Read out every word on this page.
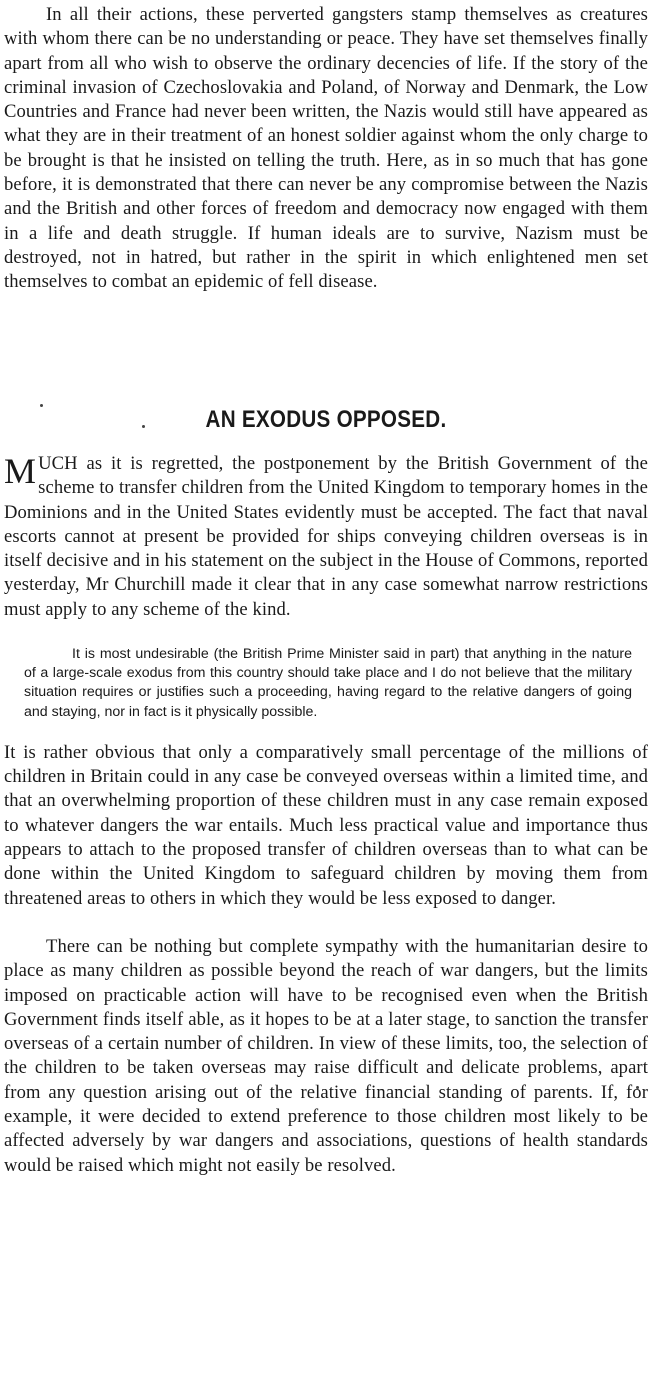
In all their actions, these perverted gangsters stamp themselves as creatures with whom there can be no understanding or peace. They have set themselves finally apart from all who wish to observe the ordinary decencies of life. If the story of the criminal invasion of Czechoslovakia and Poland, of Norway and Denmark, the Low Countries and France had never been written, the Nazis would still have appeared as what they are in their treatment of an honest soldier against whom the only charge to be brought is that he insisted on telling the truth. Here, as in so much that has gone before, it is demonstrated that there can never be any compromise between the Nazis and the British and other forces of freedom and democracy now engaged with them in a life and death struggle. If human ideals are to survive, Nazism must be destroyed, not in hatred, but rather in the spirit in which enlightened men set themselves to combat an epidemic of fell disease.

AN EXODUS OPPOSED.

MUCH as it is regretted, the postponement by the British Government of the scheme to transfer children from the United Kingdom to temporary homes in the Dominions and in the United States evidently must be accepted. The fact that naval escorts cannot at present be provided for ships conveying children overseas is in itself decisive and in his statement on the subject in the House of Commons, reported yesterday, Mr Churchill made it clear that in any case somewhat narrow restrictions must apply to any scheme of the kind.

It is most undesirable (the British Prime Minister said in part) that anything in the nature of a large-scale exodus from this country should take place and I do not believe that the military situation requires or justifies such a proceeding, having regard to the relative dangers of going and staying, nor in fact is it physically possible.

It is rather obvious that only a comparatively small percentage of the millions of children in Britain could in any case be conveyed overseas within a limited time, and that an overwhelming proportion of these children must in any case remain exposed to whatever dangers the war entails. Much less practical value and importance thus appears to attach to the proposed transfer of children overseas than to what can be done within the United Kingdom to safeguard children by moving them from threatened areas to others in which they would be less exposed to danger.

There can be nothing but complete sympathy with the humanitarian desire to place as many children as possible beyond the reach of war dangers, but the limits imposed on practicable action will have to be recognised even when the British Government finds itself able, as it hopes to be at a later stage, to sanction the transfer overseas of a certain number of children. In view of these limits, too, the selection of the children to be taken overseas may raise difficult and delicate problems, apart from any question arising out of the relative financial standing of parents. If, for example, it were decided to extend preference to those children most likely to be affected adversely by war dangers and associations, questions of health standards would be raised which might not easily be resolved.
